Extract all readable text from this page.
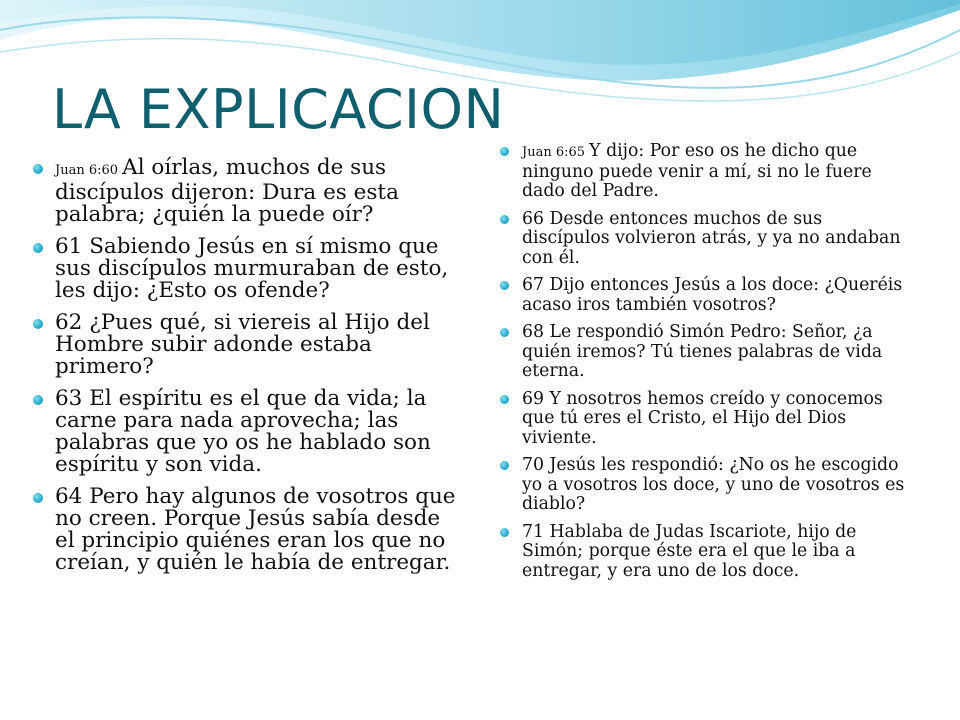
LA EXPLICACION
Juan 6:60 Al oírlas, muchos de sus discípulos dijeron: Dura es esta palabra; ¿quién la puede oír?
61 Sabiendo Jesús en sí mismo que sus discípulos murmuraban de esto, les dijo: ¿Esto os ofende?
62 ¿Pues qué, si viereis al Hijo del Hombre subir adonde estaba primero?
63 El espíritu es el que da vida; la carne para nada aprovecha; las palabras que yo os he hablado son espíritu y son vida.
64 Pero hay algunos de vosotros que no creen. Porque Jesús sabía desde el principio quiénes eran los que no creían, y quién le había de entregar.
Juan 6:65 Y dijo: Por eso os he dicho que ninguno puede venir a mí, si no le fuere dado del Padre.
66 Desde entonces muchos de sus discípulos volvieron atrás, y ya no andaban con él.
67 Dijo entonces Jesús a los doce: ¿Queréis acaso iros también vosotros?
68 Le respondió Simón Pedro: Señor, ¿a quién iremos? Tú tienes palabras de vida eterna.
69 Y nosotros hemos creído y conocemos que tú eres el Cristo, el Hijo del Dios viviente.
70 Jesús les respondió: ¿No os he escogido yo a vosotros los doce, y uno de vosotros es diablo?
71 Hablaba de Judas Iscariote, hijo de Simón; porque éste era el que le iba a entregar, y era uno de los doce.
